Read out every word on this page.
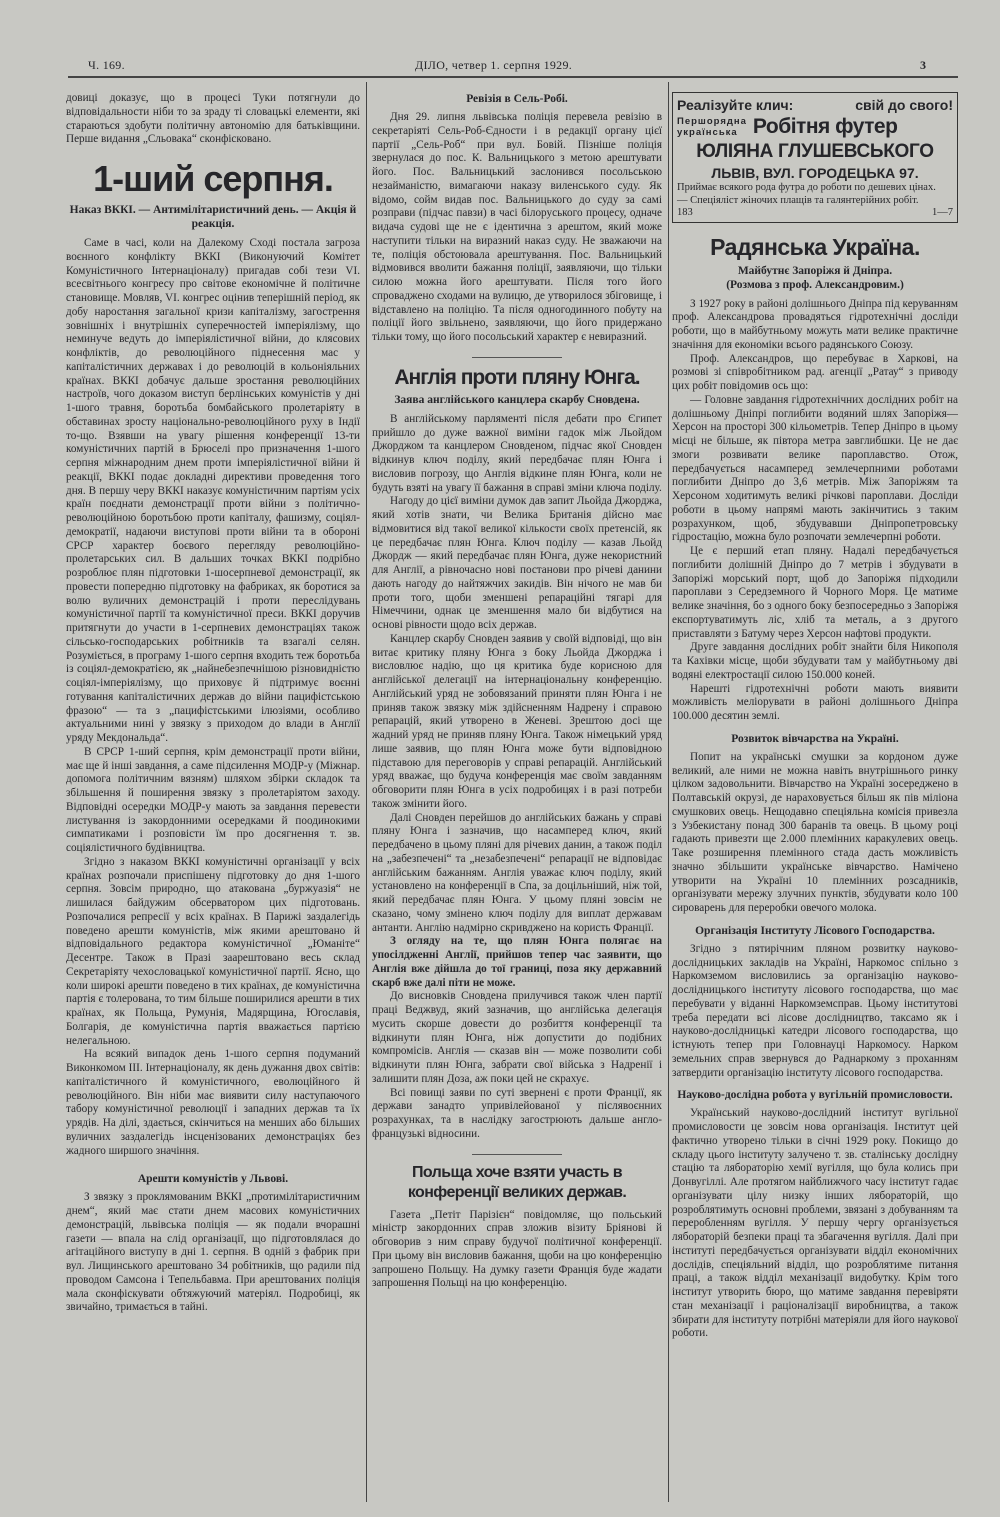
Ч. 169.	ДІЛО, четвер 1. серпня 1929.	3

довиці доказує, що в процесі Туки потягнули до відповідальности ніби то за зраду ті словацькі елементи, які стараються здобути політичну автономію для батьківщини. Перше видання „Сльовака“ сконфісковано.

1-ший серпня.
Наказ ВККІ. — Антимілітаристичний день. — Акція й реакція.

Саме в часі, коли на Далекому Сході постала загроза воєнного конфлікту ВККІ (Виконуючий Комітет Комуністичного Інтернаціоналу) пригадав собі тези VI. всесвітнього конгресу про світове економічне й політичне становище. Мовляв, VI. конгрес оцінив теперішній період, як добу наростання загальної кризи капіталізму, загострення зовнішніх і внутрішніх суперечностей імперіялізму, що неминуче ведуть до імперіялістичної війни, до клясових конфліктів, до революційного піднесення мас у капіталістичних державах і до революцій в кольоніяльних країнах. ВККІ добачує дальше зростання революційних настроїв, чого доказом виступ берлінських комуністів у дні 1-шого травня, боротьба бомбайського пролетаріяту в обставинах зросту національно-революційного руху в Індії то-що. Взявши на увагу рішення конференції 13-ти комуністичних партій в Брюселі про призначення 1-шого серпня міжнародним днем проти імперіялістичної війни й реакції, ВККІ подає докладні директиви проведення того дня. В першу черу ВККІ наказує комуністичним партіям усіх країн поєднати демонстрації проти війни з політично-революційною боротьбою проти капіталу, фашизму, соціял-демократії, надаючи виступові проти війни та в обороні СРСР характер боєвого перегляду революційно-пролетарських сил. В дальших точках ВККІ подрібно розроблює плян підготовки 1-шосерпневої демонстрації, як провести попередню підготовку на фабриках, як боротися за волю вуличних демонстрацій і проти переслідувань комуністичної партії та комуністичної преси. ВККІ доручив притягнути до участи в 1-серпневих демонстраціях також сільсько-господарських робітників та взагалі селян. Розуміється, в програму 1-шого серпня входить теж боротьба із соціял-демократією, як „найнебезпечнішою різновидністю соціял-імперіялізму, що приховує й підтримує воєнні готування капіталістичних держав до війни пацифістською фразою“ — та з „пацифістськими ілюзіями, особливо актуальними нині у звязку з приходом до влади в Англії уряду Мекдональда“.

В СРСР 1-ший серпня, крім демонстрації проти війни, має ще й інші завдання, а саме підсилення МОДР-у (Міжнар. допомога політичним вязням) шляхом збірки складок та збільшення й поширення звязку з пролетаріятом заходу. Відповідні осередки МОДР-у мають за завдання перевести листування із закордонними осередками й поодинокими симпатиками і розповісти їм про досягнення т. зв. соціялістичного будівництва.

Згідно з наказом ВККІ комуністичні організації у всіх країнах розпочали приспішену підготовку до дня 1-шого серпня. Зовсім природно, що атакована „буржуазія“ не лишилася байдужим обсерватором цих підготовань. Розпочалися репресії у всіх країнах. В Парижі заздалегідь поведено арешти комуністів, між якими арештовано й відповідального редактора комуністичної „Юманіте“ Десентре. Також в Празі заарештовано весь склад Секретаріяту чехословацької комуністичної партії. Ясно, що коли широкі арешти поведено в тих країнах, де комуністична партія є толерована, то тим більше поширилися арешти в тих країнах, як Польща, Румунія, Мадярщина, Югославія, Болгарія, де комуністична партія вважається партією нелегальною.

На всякий випадок день 1-шого серпня подуманий Виконкомом III. Інтернаціоналу, як день дужання двох світів: капіталістичного й комуністичного, еволюційного й революційного. Він ніби має виявити силу наступаючого табору комуністичної революції і западних держав та їх урядів. На ділі, здається, скінчиться на менших або більших вуличних заздалегідь інсценізованих демонстраціях без жадного ширшого значіння.

Арешти комуністів у Львові.

З звязку з проклямованим ВККІ „протимілітаристичним днем“, який має стати днем масових комуністичних демонстрацій, львівська поліція — як подали вчорашні газети — впала на слід організації, що підготовлялася до агітаційного виступу в дні 1. серпня. В одній з фабрик при вул. Лищинського арештовано 34 робітників, що радили під проводом Самсона і Тепельбавма. При арештованих поліція мала сконфіскувати обтяжуючий матеріял. Подробиці, як звичайно, тримається в тайні.

Ревізія в Сель-Робі.

Дня 29. липня львівська поліція перевела ревізію в секретаріяті Сель-Роб-Єдности і в редакції органу цієї партії „Сель-Роб“ при вул. Бовій. Пізніше поліція звернулася до пос. К. Вальницького з метою арештувати його. Пос. Вальницький заслонився посольською незайманістю, вимагаючи наказу виленського суду. Як відомо, сойм видав пос. Вальницького до суду за самі розправи (підчас павзи) в часі білоруського процесу, одначе видача судові ще не є ідентична з арештом, який може наступити тільки на виразний наказ суду. Не зважаючи на те, поліція обстоювала арештування. Пос. Вальницький відмовився вволити бажання поліції, заявляючи, що тільки силою можна його арештувати. Після того його спроваджено сходами на вулицю, де утворилося збіговище, і відставлено на поліцію. Та після одногодинного побуту на поліції його звільнено, заявляючи, що його придержано тільки тому, що його посольський характер є невиразний.

Англія проти пляну Юнга.
Заява англійського канцлера скарбу Сновдена.

В англійському парляменті після дебати про Єгипет прийшло до дуже важної виміни гадок між Льойдом Джорджом та канцлером Сновденом, підчас якої Сновден відкинув ключ поділу, який передбачає плян Юнга і висловив погрозу, що Англія відкине плян Юнга, коли не будуть взяті на увагу її бажання в справі зміни ключа поділу.

Нагоду до цієї виміни думок дав запит Льойда Джорджа, який хотів знати, чи Велика Британія дійсно має відмовитися від такої великої кількости своїх претенсій, як це передбачає плян Юнга. Ключ поділу — казав Льойд Джордж — який передбачає плян Юнга, дуже некористний для Англії, а рівночасно нові постанови про річеві данини дають нагоду до найтяжчих закидів. Він нічого не мав би проти того, щоби зменшені репараційні тягарі для Німеччини, однак це зменшення мало би відбутися на основі рівности щодо всіх держав.

Канцлер скарбу Сновден заявив у своїй відповіді, що він витає критику пляну Юнга з боку Льойда Джорджа і висловлює надію, що ця критика буде корисною для англійської делегації на інтернаціональну конференцію. Англійський уряд не зобовязаний приняти плян Юнга і не приняв також звязку між здійсненням Надрену і справою репарацій, який утворено в Женеві. Зрештою досі ще жадний уряд не приняв пляну Юнга. Також німецький уряд лише заявив, що плян Юнга може бути відповідною підставою для переговорів у справі репарацій. Англійський уряд вважає, що будуча конференція має своїм завданням обговорити плян Юнга в усіх подробицях і в разі потреби також змінити його.

Далі Сновден перейшов до англійських бажань у справі пляну Юнга і зазначив, що насамперед ключ, який передбачено в цьому пляні для річевих данин, а також поділ на „забезпечені“ та „незабезпечені“ репарації не відповідає англійським бажанням. Англія уважає ключ поділу, який установлено на конференції в Спа, за доцільніший, ніж той, який передбачає плян Юнга. У цьому пляні зовсім не сказано, чому змінено ключ поділу для виплат державам антанти. Англію надмірно скривджено на користь Франції.

З огляду на те, що плян Юнга полягає на упосілдженні Англії, прийшов тепер час заявити, що Англія вже дійшла до тої границі, поза яку державний скарб вже далі піти не може.

До висновків Сновдена прилучився також член партії праці Веджвуд, який зазначив, що англійська делегація мусить скорше довести до розбиття конференції та відкинути плян Юнга, ніж допустити до подібних компромісів. Англія — сказав він — може позволити собі відкинути плян Юнга, забрати свої війська з Надренії і залишити плян Доза, аж поки цей не скрахує.

Всі повищі заяви по суті звернені є проти Франції, як держави занадто упривілейованої у післявоєнних розрахунках, та в наслідку загострюють дальше англо-французькі відносини.

Польща хоче взяти участь в конференції великих держав.

Газета „Петіт Парізієн“ повідомляє, що польський міністр закордонних справ зложив візиту Бріянові й обговорив з ним справу будучої політичної конференції. При цьому він висловив бажання, щоби на цю конференцію запрошено Польщу. На думку газети Франція буде жадати запрошення Польщі на цю конференцію.

Реалізуйте клич:	свій до свого!
Першорядна
українська Робітня футер
ЮЛІЯНА ГЛУШЕВСЬКОГО
ЛЬВІВ, ВУЛ. ГОРОДЕЦЬКА 97.
Приймає всякого рода футра до роботи по дешевих цінах.
— Спеціяліст жіночих плащів та галянтерійних робіт.
183	1—7
Радянська Україна.
Майбутнє Запоріжя й Дніпра.
(Розмова з проф. Александровим.)

З 1927 року в районі долішнього Дніпра під керуванням проф. Александрова провадяться гідротехнічні досліди роботи, що в майбутньому можуть мати велике практичне значіння для економіки всього радянського Союзу.

Проф. Александров, що перебуває в Харкові, на розмові зі співробітником рад. агенції „Ратау“ з приводу цих робіт повідомив ось що:

— Головне завдання гідротехнічних дослідних робіт на долішньому Дніпрі поглибити водяний шлях Запоріжя—Херсон на просторі 300 кільометрів. Тепер Дніпро в цьому місці не більше, як півтора метра завглибшки. Це не дає змоги розвивати велике пароплавство. Отож, передбачується насамперед землечерпними роботами поглибити Дніпро до 3,6 метрів. Між Запоріжям та Херсоном ходитимуть великі річкові пароплави. Досліди роботи в цьому напрямі мають закінчитись з таким розрахунком, щоб, збудувавши Дніпропетровську гідростацію, можна було розпочати землечерпні роботи.

Це є перший етап пляну. Надалі передбачується поглибити долішній Дніпро до 7 метрів і збудувати в Запоріжі морський порт, щоб до Запоріжя підходили пароплави з Середземного й Чорного Моря. Це матиме велике значіння, бо з одного боку безпосередньо з Запоріжя експортуватимуть ліс, хліб та металь, а з другого приставляти з Батуму через Херсон нафтові продукти.

Друге завдання дослідних робіт знайти біля Никополя та Кахівки місце, щоби збудувати там у майбутньому дві водяні електростації силою 150.000 коней.

Нарешті гідротехнічні роботи мають виявити можливість меліорувати в районі долішнього Дніпра 100.000 десятин землі.

Розвиток вівчарства на Україні.

Попит на українські смушки за кордоном дуже великий, але ними не можна навіть внутрішнього ринку цілком задовольнити. Вівчарство на Україні зосереджено в Полтавській окрузі, де нараховується більш як пів міліона смушкових овець. Нещодавно спеціяльна комісія привезла з Узбекистану понад 300 баранів та овець. В цьому році гадають привезти ще 2.000 племінних каракулевих овець. Таке розширення племінного стада дасть можливість значно збільшити українське вівчарство. Намічено утворити на Україні 10 племінних розсадників, організувати мережу злучних пунктів, збудувати коло 100 сироварень для переробки овечого молока.

Організація Інституту Лісового Господарства.

Згідно з пятирічним пляном розвитку науково-дослідницьких закладів на Україні, Наркомос спільно з Наркомземом висловились за організацію науково-дослідницького інституту лісового господарства, що має перебувати у віданні Наркомземсправ. Цьому інститутові треба передати всі лісове дослідництво, таксамо як і науково-дослідницькі катедри лісового господарства, що істнують тепер при Головнауці Наркомосу. Нарком земельних справ звернувся до Раднаркому з проханням затвердити організацію інституту лісового господарства.

Науково-дослідна робота у вугільній промисловости.

Український науково-дослідний інститут вугільної промисловости це зовсім нова організація. Інститут цей фактично утворено тільки в січні 1929 року. Покищо до складу цього інституту залучено т. зв. сталінську дослідну стацію та лябораторію хемії вугілля, що була колись при Донвугіллі. Але протягом найближчого часу інститут гадає організувати цілу низку інших лябораторій, що розроблятимуть основні проблеми, звязані з добуванням та переробленням вугілля. У першу чергу організується лябораторій безпеки праці та збагачення вугілля. Далі при інституті передбачується організувати відділ економічних дослідів, спеціяльний відділ, що розроблятиме питання праці, а також відділ механізації видобутку. Крім того інститут утворить бюро, що матиме завдання перевіряти стан механізації і раціоналізації виробництва, а також збирати для інституту потрібні матеріяли для його наукової роботи.
